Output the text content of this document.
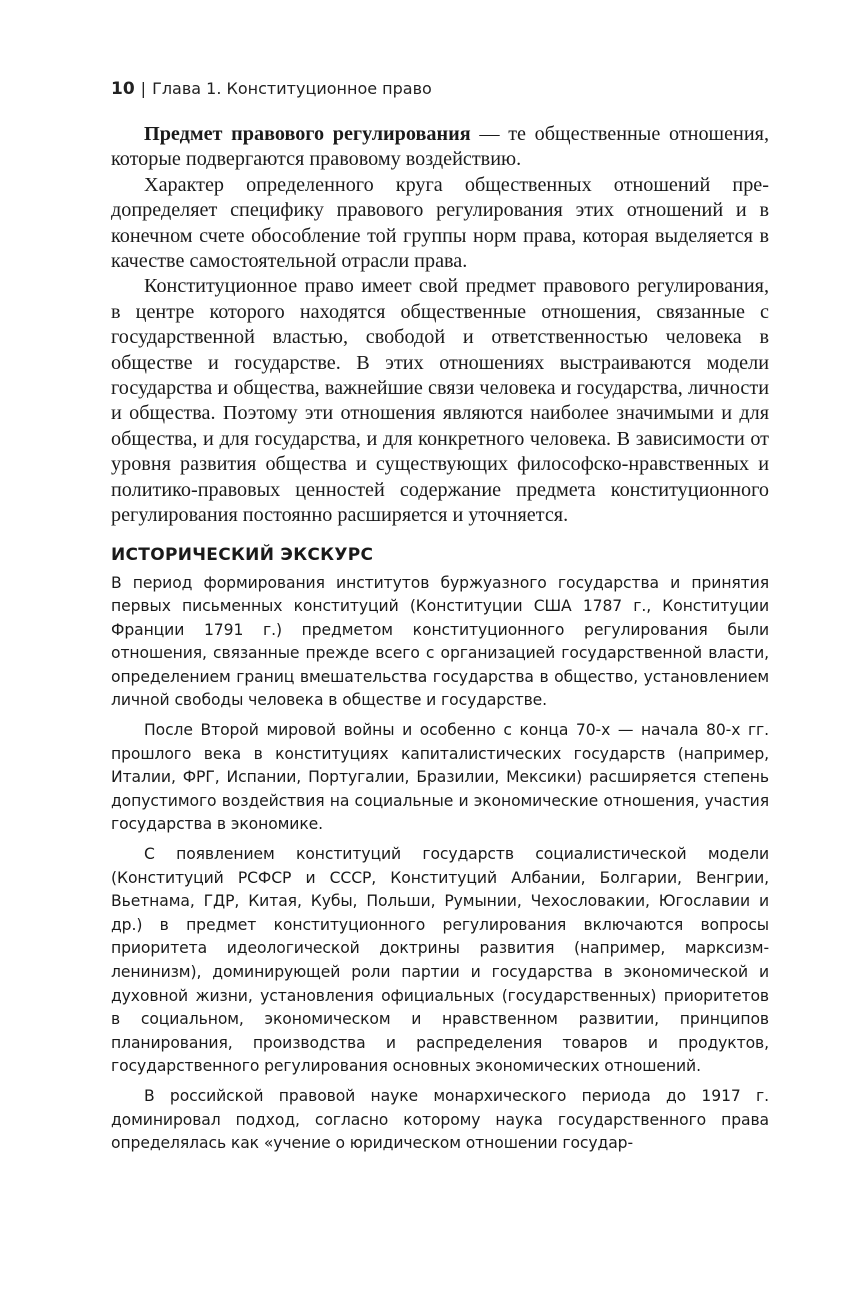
10 | Глава 1. Конституционное право

Предмет правового регулирования — те общественные отношения, которые подвергаются правовому воздействию.

Характер определенного круга общественных отношений предопределяет специфику правового регулирования этих отношений и в конечном счете обособление той группы норм права, которая выделяется в качестве самостоятельной отрасли права.

Конституционное право имеет свой предмет правового регулирования, в центре которого находятся общественные отношения, связанные с государственной властью, свободой и ответственностью человека в обществе и государстве. В этих отношениях выстраиваются модели государства и общества, важнейшие связи человека и государства, личности и общества. Поэтому эти отношения являются наиболее значимыми и для общества, и для государства, и для конкретного человека. В зависимости от уровня развития общества и существующих философско-нравственных и политико-правовых ценностей содержание предмета конституционного регулирования постоянно расширяется и уточняется.

ИСТОРИЧЕСКИЙ ЭКСКУРС

В период формирования институтов буржуазного государства и принятия первых письменных конституций (Конституции США 1787 г., Конституции Франции 1791 г.) предметом конституционного регулирования были отношения, связанные прежде всего с организацией государственной власти, определением границ вмешательства государства в общество, установлением личной свободы человека в обществе и государстве.

После Второй мировой войны и особенно с конца 70-х — начала 80-х гг. прошлого века в конституциях капиталистических государств (например, Италии, ФРГ, Испании, Португалии, Бразилии, Мексики) расширяется степень допустимого воздействия на социальные и экономические отношения, участия государства в экономике.

С появлением конституций государств социалистической модели (Конституций РСФСР и СССР, Конституций Албании, Болгарии, Венгрии, Вьетнама, ГДР, Китая, Кубы, Польши, Румынии, Чехословакии, Югославии и др.) в предмет конституционного регулирования включаются вопросы приоритета идеологической доктрины развития (например, марксизм-ленинизм), доминирующей роли партии и государства в экономической и духовной жизни, установления официальных (государственных) приоритетов в социальном, экономическом и нравственном развитии, принципов планирования, производства и распределения товаров и продуктов, государственного регулирования основных экономических отношений.

В российской правовой науке монархического периода до 1917 г. доминировал подход, согласно которому наука государственного права определялась как «учение о юридическом отношении государ-
